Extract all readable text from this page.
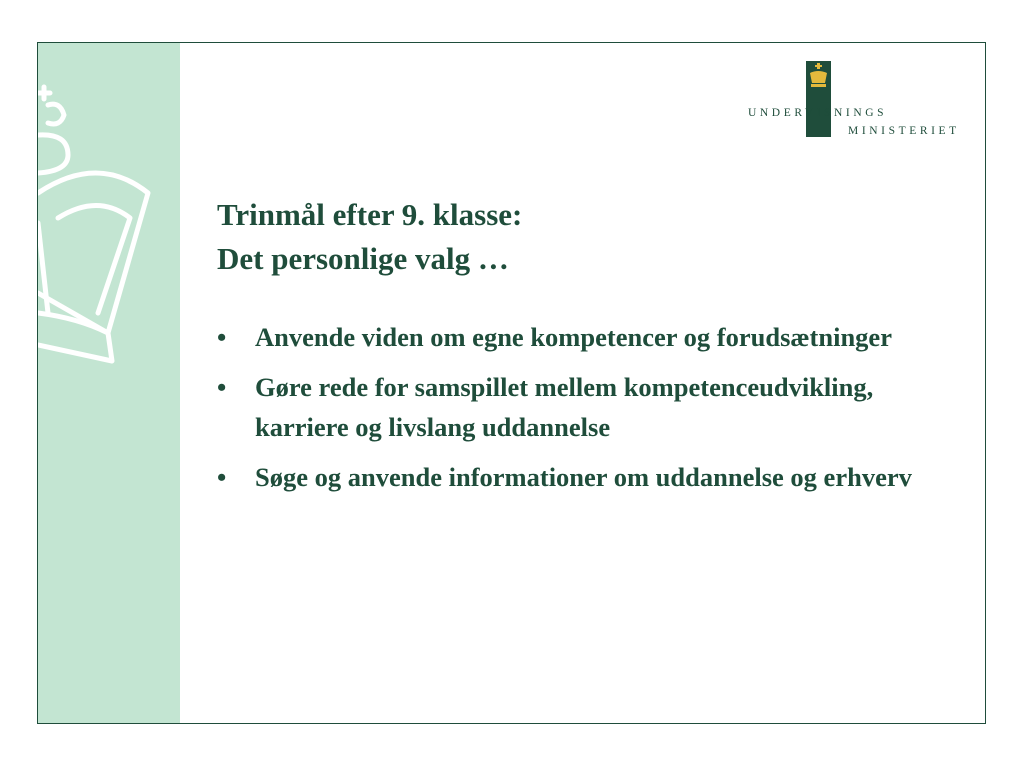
UNDERVISNINGS
MINISTERIET
Trinmål efter 9. klasse:
Det personlige valg …
• Anvende viden om egne kompetencer og forudsætninger
• Gøre rede for samspillet mellem kompetenceudvikling, karriere og livslang uddannelse
• Søge og anvende informationer om uddannelse og erhverv
